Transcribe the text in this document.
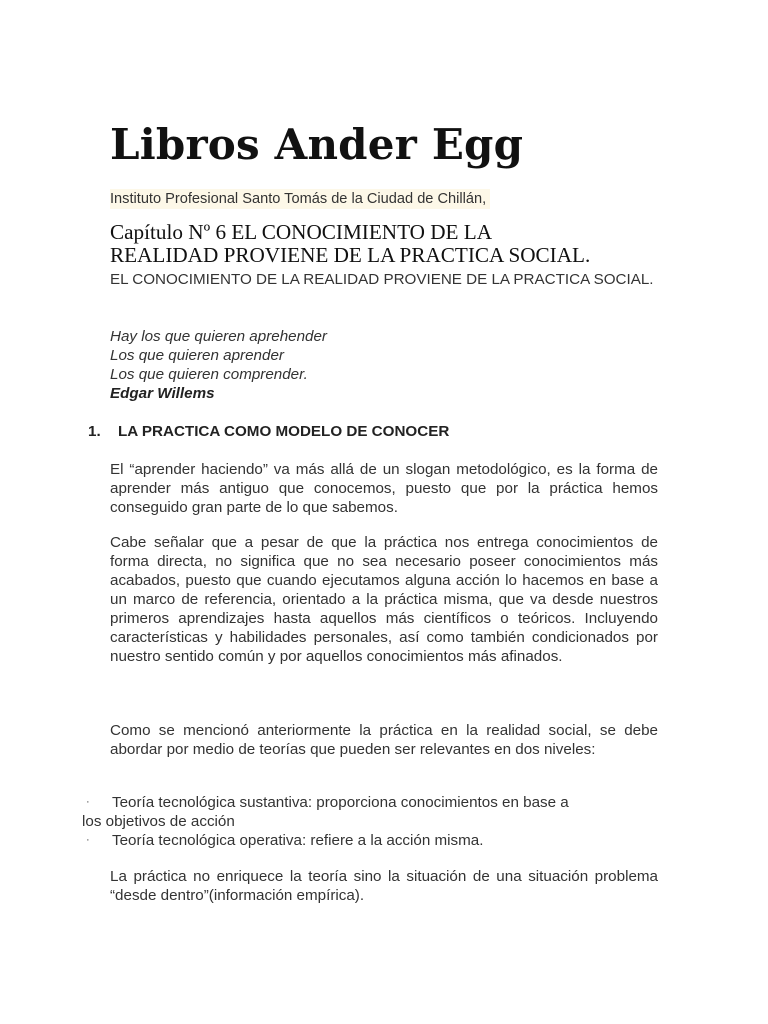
Libros Ander Egg
Instituto Profesional Santo Tomás de la Ciudad de Chillán,
Capítulo Nº 6 EL CONOCIMIENTO DE LA
REALIDAD PROVIENE DE LA PRACTICA SOCIAL.

EL CONOCIMIENTO DE LA REALIDAD PROVIENE DE LA PRACTICA SOCIAL.

Hay los que quieren aprehender
Los que quieren aprender
Los que quieren comprender.
Edgar Willems
1. LA PRACTICA COMO MODELO DE CONOCER

El “aprender haciendo” va más allá de un slogan metodológico, es la forma de aprender más antiguo que conocemos, puesto que por la práctica hemos conseguido gran parte de lo que sabemos.

Cabe señalar que a pesar de que la práctica nos entrega conocimientos de forma directa, no significa que no sea necesario poseer conocimientos más acabados, puesto que cuando ejecutamos alguna acción lo hacemos en base a un marco de referencia, orientado a la práctica misma, que va desde nuestros primeros aprendizajes hasta aquellos más científicos o teóricos. Incluyendo características y habilidades personales, así como también condicionados por nuestro sentido común y por aquellos conocimientos más afinados.

Como se mencionó anteriormente la práctica en la realidad social, se debe abordar por medio de teorías que pueden ser relevantes en dos niveles:

· Teoría tecnológica sustantiva: proporciona conocimientos en base a
los objetivos de acción
· Teoría tecnológica operativa: refiere a la acción misma.

La práctica no enriquece la teoría sino la situación de una situación problema “desde dentro”(información empírica).
